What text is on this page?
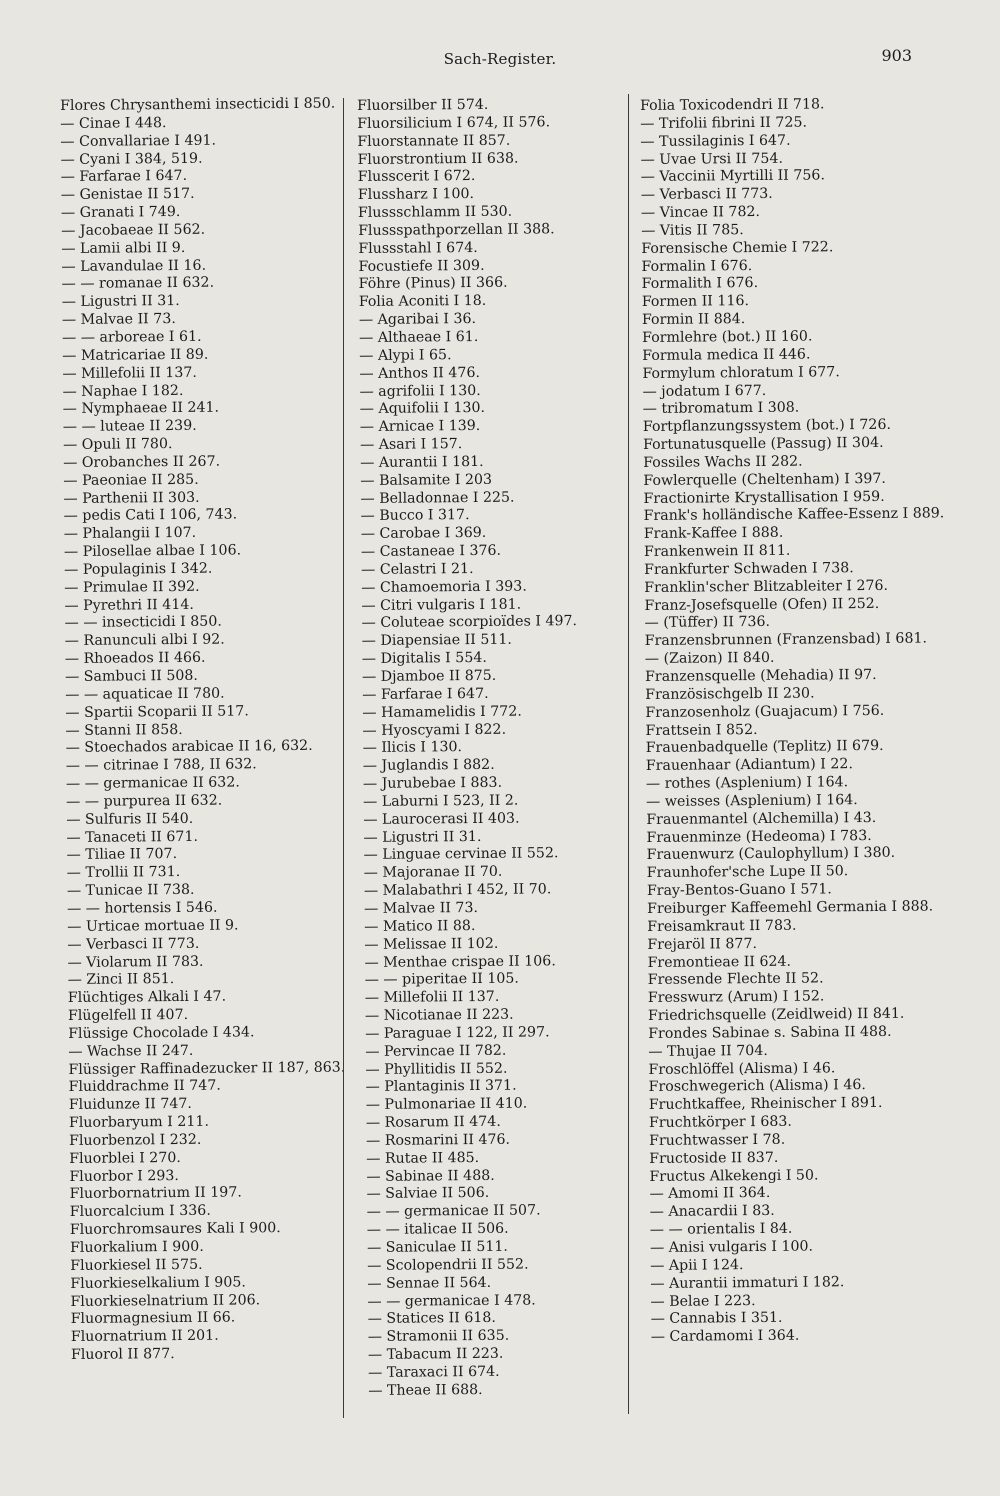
Sach-Register.	903
Flores Chrysanthemi insecticidi I 850.
— Cinae I 448.
— Convallariae I 491.
— Cyani I 384, 519.
— Farfarae I 647.
— Genistae II 517.
— Granati I 749.
— Jacobaeae II 562.
— Lamii albi II 9.
— Lavandulae II 16.
— — romanae II 632.
— Ligustri II 31.
— Malvae II 73.
— — arboreae I 61.
— Matricariae II 89.
— Millefolii II 137.
— Naphae I 182.
— Nymphaeae II 241.
— — luteae II 239.
— Opuli II 780.
— Orobanches II 267.
— Paeoniae II 285.
— Parthenii II 303.
— pedis Cati I 106, 743.
— Phalangii I 107.
— Pilosellae albae I 106.
— Populaginis I 342.
— Primulae II 392.
— Pyrethri II 414.
— — insecticidi I 850.
— Ranunculi albi I 92.
— Rhoeados II 466.
— Sambuci II 508.
— — aquaticae II 780.
— Spartii Scoparii II 517.
— Stanni II 858.
— Stoechados arabicae II 16, 632.
— — citrinae I 788, II 632.
— — germanicae II 632.
— — purpurea II 632.
— Sulfuris II 540.
— Tanaceti II 671.
— Tiliae II 707.
— Trollii II 731.
— Tunicae II 738.
— — hortensis I 546.
— Urticae mortuae II 9.
— Verbasci II 773.
— Violarum II 783.
— Zinci II 851.
Flüchtiges Alkali I 47.
Flügelfell II 407.
Flüssige Chocolade I 434.
— Wachse II 247.
Flüssiger Raffinadezucker II 187, 863.
Fluiddrachme II 747.
Fluidunze II 747.
Fluorbaryum I 211.
Fluorbenzol I 232.
Fluorblei I 270.
Fluorbor I 293.
Fluorbornatrium II 197.
Fluorcalcium I 336.
Fluorchromsaures Kali I 900.
Fluorkalium I 900.
Fluorkiesel II 575.
Fluorkieselkalium I 905.
Fluorkieselnatrium II 206.
Fluormagnesium II 66.
Fluornatrium II 201.
Fluorol II 877.
Fluorsilber II 574.
Fluorsilicium I 674, II 576.
Fluorstannate II 857.
Fluorstrontium II 638.
Flusscerit I 672.
Flussharz I 100.
Flussschlamm II 530.
Flussspathporzellan II 388.
Flussstahl I 674.
Focustiefe II 309.
Föhre (Pinus) II 366.
Folia Aconiti I 18.
— Agaribai I 36.
— Althaeae I 61.
— Alypi I 65.
— Anthos II 476.
— agrifolii I 130.
— Aquifolii I 130.
— Arnicae I 139.
— Asari I 157.
— Aurantii I 181.
— Balsamite I 203
— Belladonnae I 225.
— Bucco I 317.
— Carobae I 369.
— Castaneae I 376.
— Celastri I 21.
— Chamoemoria I 393.
— Citri vulgaris I 181.
— Coluteae scorpioïdes I 497.
— Diapensiae II 511.
— Digitalis I 554.
— Djamboe II 875.
— Farfarae I 647.
— Hamamelidis I 772.
— Hyoscyami I 822.
— Ilicis I 130.
— Juglandis I 882.
— Jurubebae I 883.
— Laburni I 523, II 2.
— Laurocerasi II 403.
— Ligustri II 31.
— Linguae cervinae II 552.
— Majoranae II 70.
— Malabathri I 452, II 70.
— Malvae II 73.
— Matico II 88.
— Melissae II 102.
— Menthae crispae II 106.
— — piperitae II 105.
— Millefolii II 137.
— Nicotianae II 223.
— Paraguae I 122, II 297.
— Pervincae II 782.
— Phyllitidis II 552.
— Plantaginis II 371.
— Pulmonariae II 410.
— Rosarum II 474.
— Rosmarini II 476.
— Rutae II 485.
— Sabinae II 488.
— Salviae II 506.
— — germanicae II 507.
— — italicae II 506.
— Saniculae II 511.
— Scolopendrii II 552.
— Sennae II 564.
— — germanicae I 478.
— Statices II 618.
— Stramonii II 635.
— Tabacum II 223.
— Taraxaci II 674.
— Theae II 688.
Folia Toxicodendri II 718.
— Trifolii fibrini II 725.
— Tussilaginis I 647.
— Uvae Ursi II 754.
— Vaccinii Myrtilli II 756.
— Verbasci II 773.
— Vincae II 782.
— Vitis II 785.
Forensische Chemie I 722.
Formalin I 676.
Formalith I 676.
Formen II 116.
Formin II 884.
Formlehre (bot.) II 160.
Formula medica II 446.
Formylum chloratum I 677.
— jodatum I 677.
— tribromatum I 308.
Fortpflanzungssystem (bot.) I 726.
Fortunatusquelle (Passug) II 304.
Fossiles Wachs II 282.
Fowlerquelle (Cheltenham) I 397.
Fractionirte Krystallisation I 959.
Frank's holländische Kaffee-Essenz I 889.
Frank-Kaffee I 888.
Frankenwein II 811.
Frankfurter Schwaden I 738.
Franklin'scher Blitzableiter I 276.
Franz-Josefsquelle (Ofen) II 252.
— (Tüffer) II 736.
Franzensbrunnen (Franzensbad) I 681.
— (Zaizon) II 840.
Franzensquelle (Mehadia) II 97.
Französischgelb II 230.
Franzosenholz (Guajacum) I 756.
Frattsein I 852.
Frauenbadquelle (Teplitz) II 679.
Frauenhaar (Adiantum) I 22.
— rothes (Asplenium) I 164.
— weisses (Asplenium) I 164.
Frauenmantel (Alchemilla) I 43.
Frauenminze (Hedeoma) I 783.
Frauenwurz (Caulophyllum) I 380.
Fraunhofer'sche Lupe II 50.
Fray-Bentos-Guano I 571.
Freiburger Kaffeemehl Germania I 888.
Freisamkraut II 783.
Frejaröl II 877.
Fremontieae II 624.
Fressende Flechte II 52.
Fresswurz (Arum) I 152.
Friedrichsquelle (Zeidlweid) II 841.
Frondes Sabinae s. Sabina II 488.
— Thujae II 704.
Froschlöffel (Alisma) I 46.
Froschwegerich (Alisma) I 46.
Fruchtkaffee, Rheinischer I 891.
Fruchtkörper I 683.
Fruchtwasser I 78.
Fructoside II 837.
Fructus Alkekengi I 50.
— Amomi II 364.
— Anacardii I 83.
— — orientalis I 84.
— Anisi vulgaris I 100.
— Apii I 124.
— Aurantii immaturi I 182.
— Belae I 223.
— Cannabis I 351.
— Cardamomi I 364.
